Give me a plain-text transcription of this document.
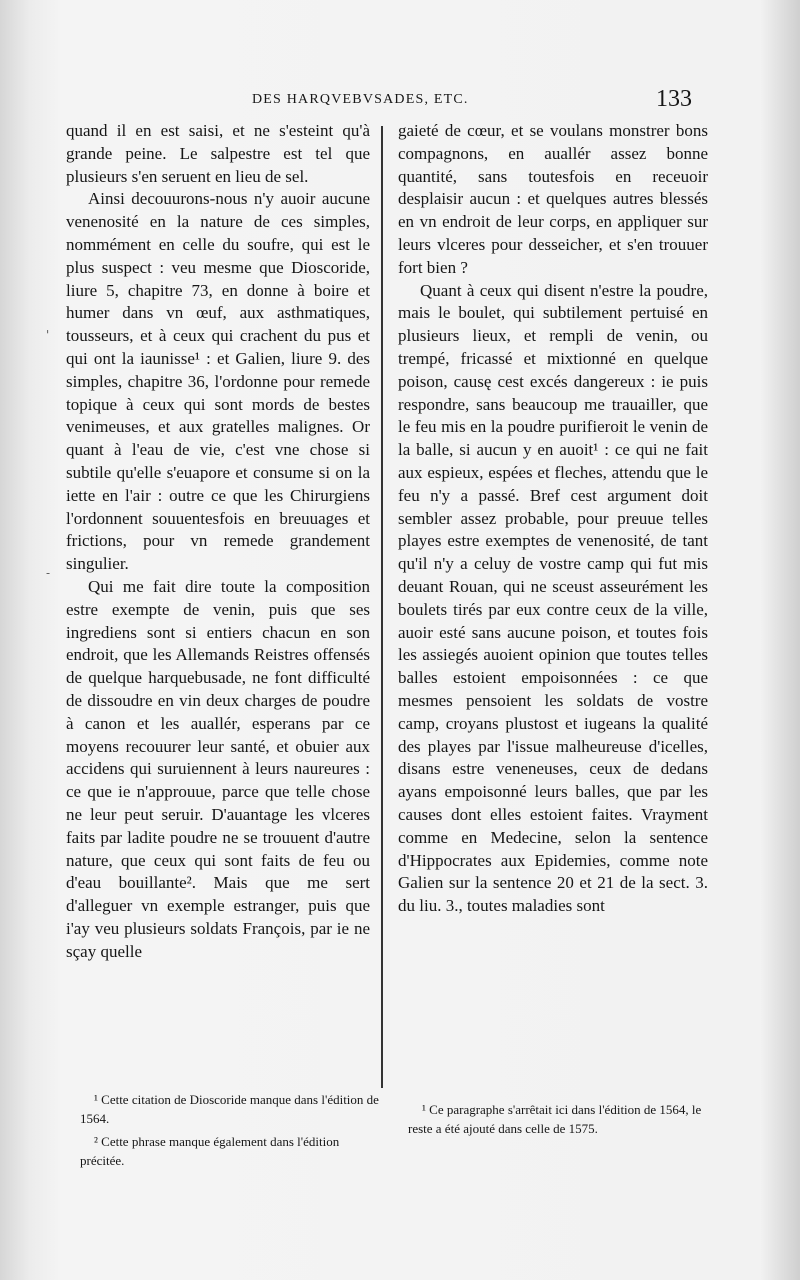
DES HARQVEBVSADES, ETC.	133
'
-

quand il en est saisi, et ne s'esteint qu'à grande peine. Le salpestre est tel que plusieurs s'en seruent en lieu de sel.

Ainsi decouurons-nous n'y auoir aucune venenosité en la nature de ces simples, nommément en celle du soufre, qui est le plus suspect : veu mesme que Dioscoride, liure 5, chapitre 73, en donne à boire et humer dans vn œuf, aux asthmatiques, tousseurs, et à ceux qui crachent du pus et qui ont la iaunisse¹ : et Galien, liure 9. des simples, chapitre 36, l'ordonne pour remede topique à ceux qui sont mords de bestes venimeuses, et aux gratelles malignes. Or quant à l'eau de vie, c'est vne chose si subtile qu'elle s'euapore et consume si on la iette en l'air : outre ce que les Chirurgiens l'ordonnent souuentesfois en breuuages et frictions, pour vn remede grandement singulier.

Qui me fait dire toute la composition estre exempte de venin, puis que ses ingrediens sont si entiers chacun en son endroit, que les Allemands Reistres offensés de quelque harquebusade, ne font difficulté de dissoudre en vin deux charges de poudre à canon et les auallér, esperans par ce moyens recouurer leur santé, et obuier aux accidens qui suruiennent à leurs naureures : ce que ie n'approuue, parce que telle chose ne leur peut seruir. D'auantage les vlceres faits par ladite poudre ne se trouuent d'autre nature, que ceux qui sont faits de feu ou d'eau bouillante². Mais que me sert d'alleguer vn exemple estranger, puis que i'ay veu plusieurs soldats François, par ie ne sçay quelle

gaieté de cœur, et se voulans monstrer bons compagnons, en auallér assez bonne quantité, sans toutesfois en receuoir desplaisir aucun : et quelques autres blessés en vn endroit de leur corps, en appliquer sur leurs vlceres pour desseicher, et s'en trouuer fort bien ?

Quant à ceux qui disent n'estre la poudre, mais le boulet, qui subtilement pertuisé en plusieurs lieux, et rempli de venin, ou trempé, fricassé et mixtionné en quelque poison, causę cest excés dangereux : ie puis respondre, sans beaucoup me trauailler, que le feu mis en la poudre purifieroit le venin de la balle, si aucun y en auoit¹ : ce qui ne fait aux espieux, espées et fleches, attendu que le feu n'y a passé. Bref cest argument doit sembler assez probable, pour preuue telles playes estre exemptes de venenosité, de tant qu'il n'y a celuy de vostre camp qui fut mis deuant Rouan, qui ne sceust asseurément les boulets tirés par eux contre ceux de la ville, auoir esté sans aucune poison, et toutes fois les assiegés auoient opinion que toutes telles balles estoient empoisonnées : ce que mesmes pensoient les soldats de vostre camp, croyans plustost et iugeans la qualité des playes par l'issue malheureuse d'icelles, disans estre veneneuses, ceux de dedans ayans empoisonné leurs balles, que par les causes dont elles estoient faites. Vrayment comme en Medecine, selon la sentence d'Hippocrates aux Epidemies, comme note Galien sur la sentence 20 et 21 de la sect. 3. du liu. 3., toutes maladies sont

¹ Cette citation de Dioscoride manque dans l'édition de 1564.

² Cette phrase manque également dans l'édition précitée.

¹ Ce paragraphe s'arrêtait ici dans l'édition de 1564, le reste a été ajouté dans celle de 1575.
